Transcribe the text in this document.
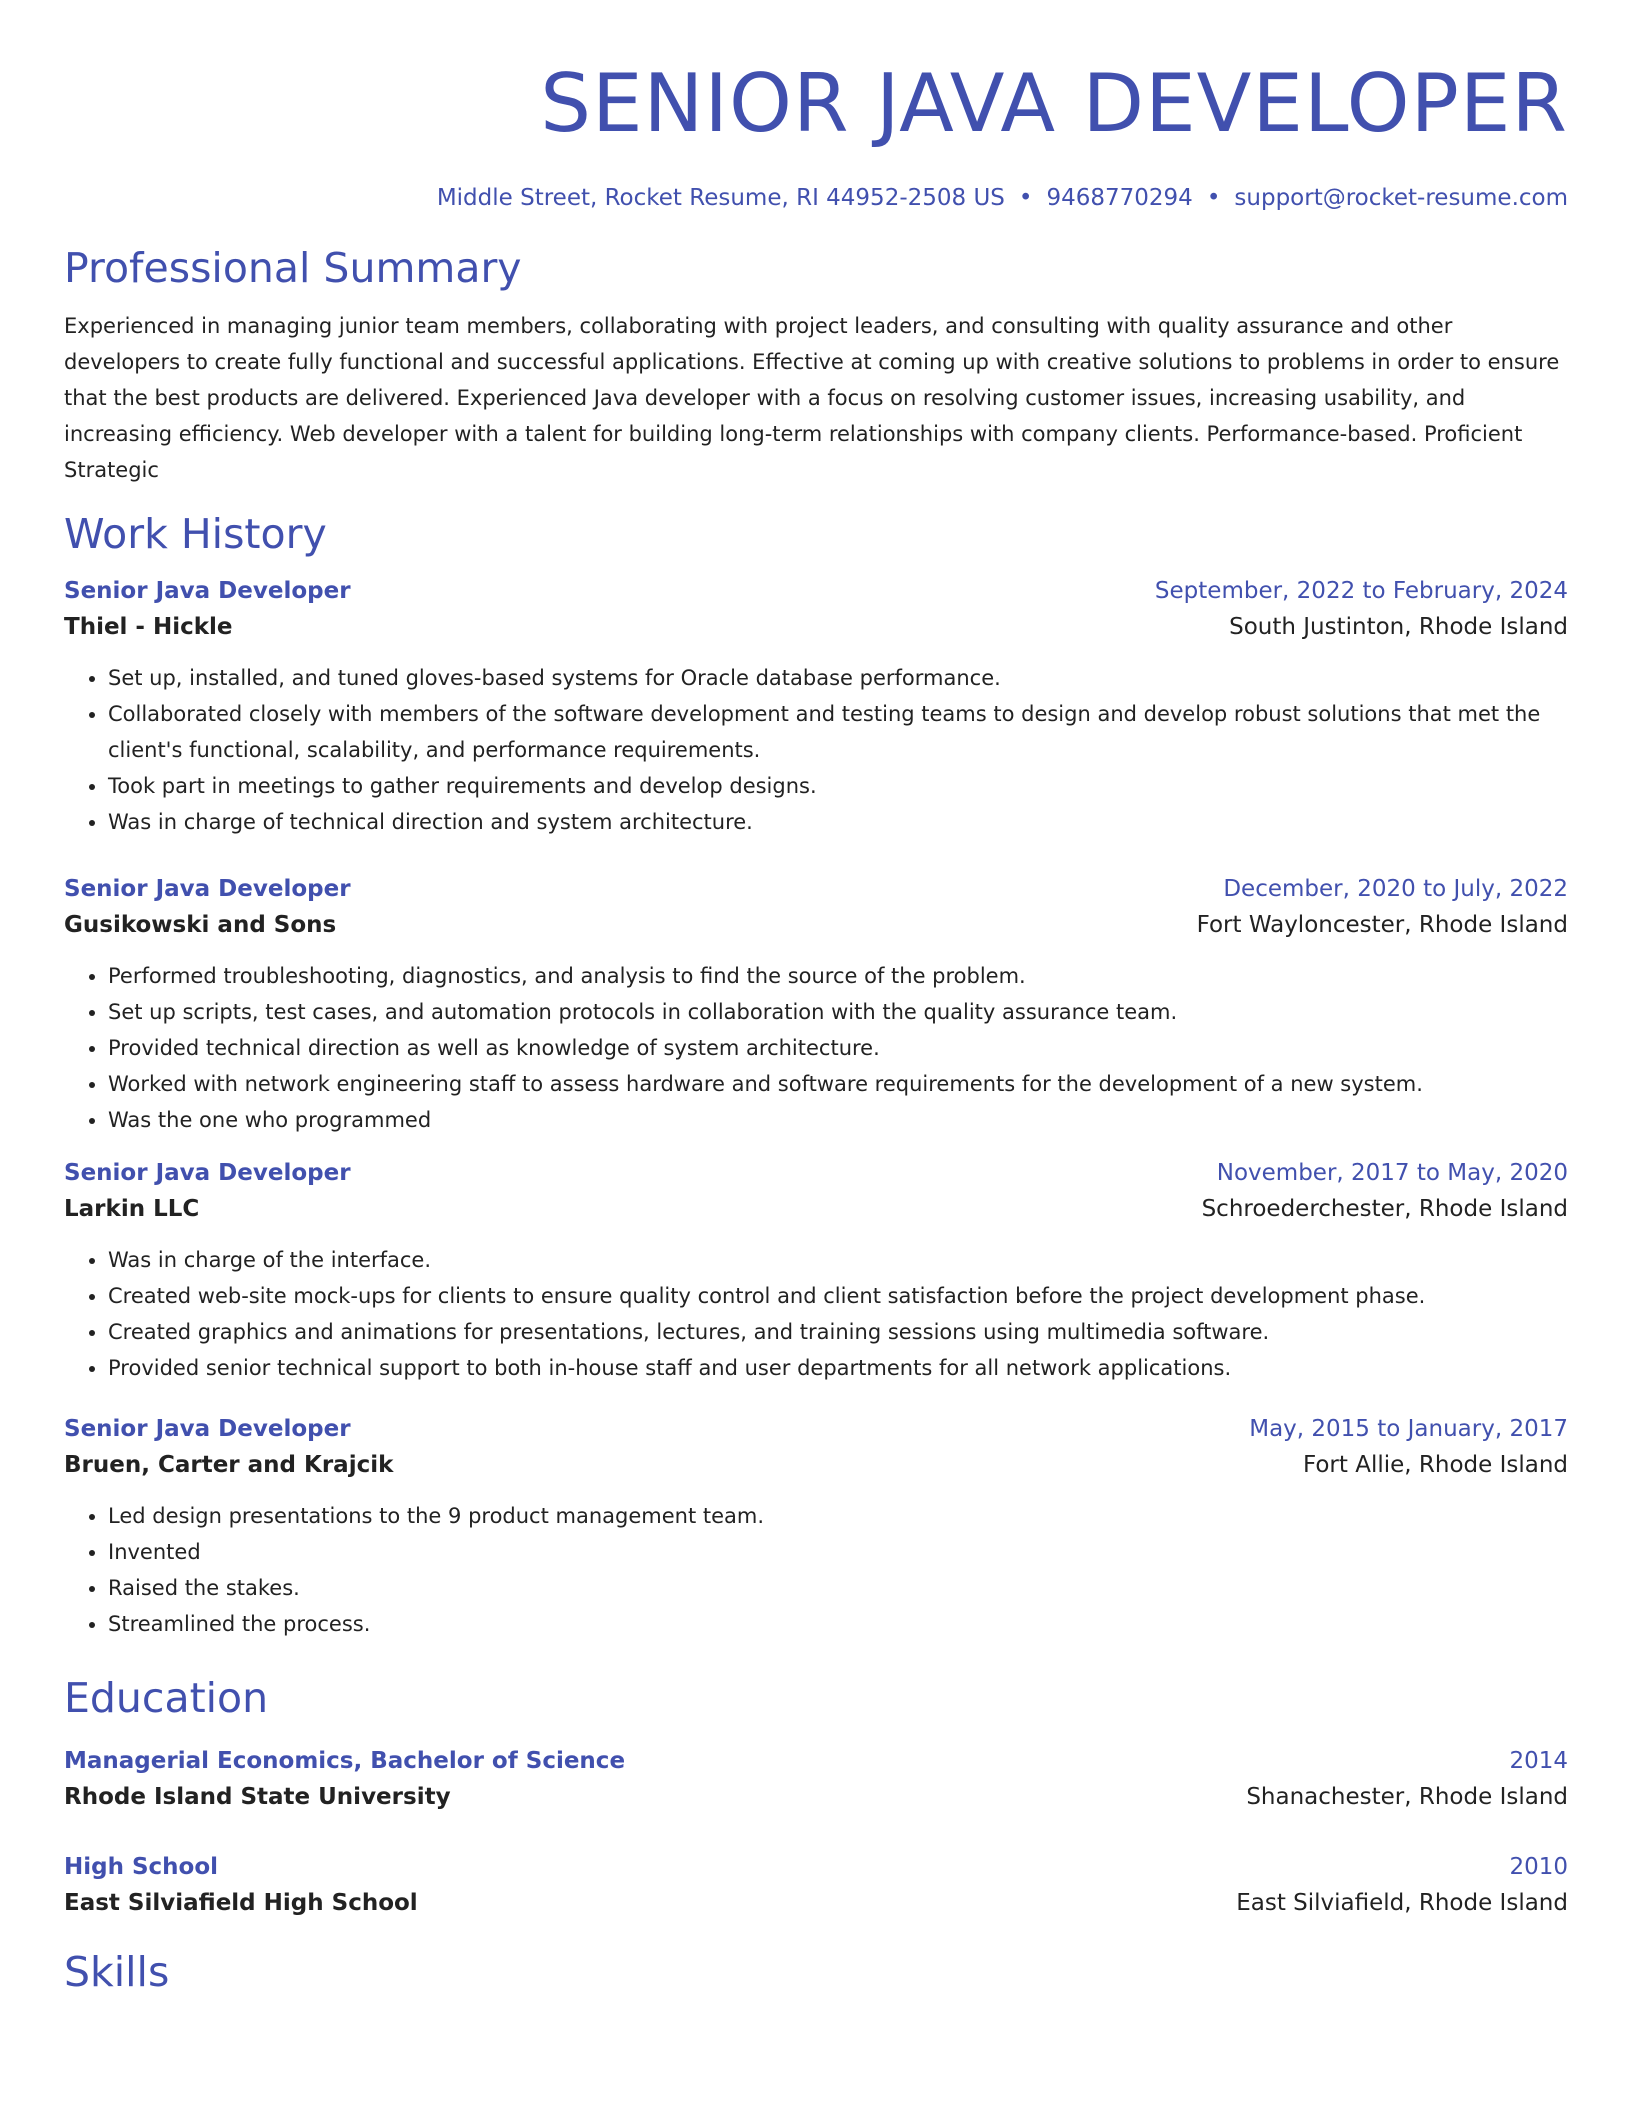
SENIOR JAVA DEVELOPER
Middle Street, Rocket Resume, RI 44952-2508 US • 9468770294 • support@rocket-resume.com
Professional Summary
Experienced in managing junior team members, collaborating with project leaders, and consulting with quality assurance and other developers to create fully functional and successful applications. Effective at coming up with creative solutions to problems in order to ensure that the best products are delivered. Experienced Java developer with a focus on resolving customer issues, increasing usability, and increasing efficiency. Web developer with a talent for building long-term relationships with company clients. Performance-based. Proficient Strategic
Work History
Senior Java Developer	September, 2022 to February, 2024
Thiel - Hickle	South Justinton, Rhode Island
• Set up, installed, and tuned gloves-based systems for Oracle database performance.
• Collaborated closely with members of the software development and testing teams to design and develop robust solutions that met the client's functional, scalability, and performance requirements.
• Took part in meetings to gather requirements and develop designs.
• Was in charge of technical direction and system architecture.
Senior Java Developer	December, 2020 to July, 2022
Gusikowski and Sons	Fort Wayloncester, Rhode Island
• Performed troubleshooting, diagnostics, and analysis to find the source of the problem.
• Set up scripts, test cases, and automation protocols in collaboration with the quality assurance team.
• Provided technical direction as well as knowledge of system architecture.
• Worked with network engineering staff to assess hardware and software requirements for the development of a new system.
• Was the one who programmed
Senior Java Developer	November, 2017 to May, 2020
Larkin LLC	Schroederchester, Rhode Island
• Was in charge of the interface.
• Created web-site mock-ups for clients to ensure quality control and client satisfaction before the project development phase.
• Created graphics and animations for presentations, lectures, and training sessions using multimedia software.
• Provided senior technical support to both in-house staff and user departments for all network applications.
Senior Java Developer	May, 2015 to January, 2017
Bruen, Carter and Krajcik	Fort Allie, Rhode Island
• Led design presentations to the 9 product management team.
• Invented
• Raised the stakes.
• Streamlined the process.
Education
Managerial Economics, Bachelor of Science	2014
Rhode Island State University	Shanachester, Rhode Island
High School	2010
East Silviafield High School	East Silviafield, Rhode Island
Skills
